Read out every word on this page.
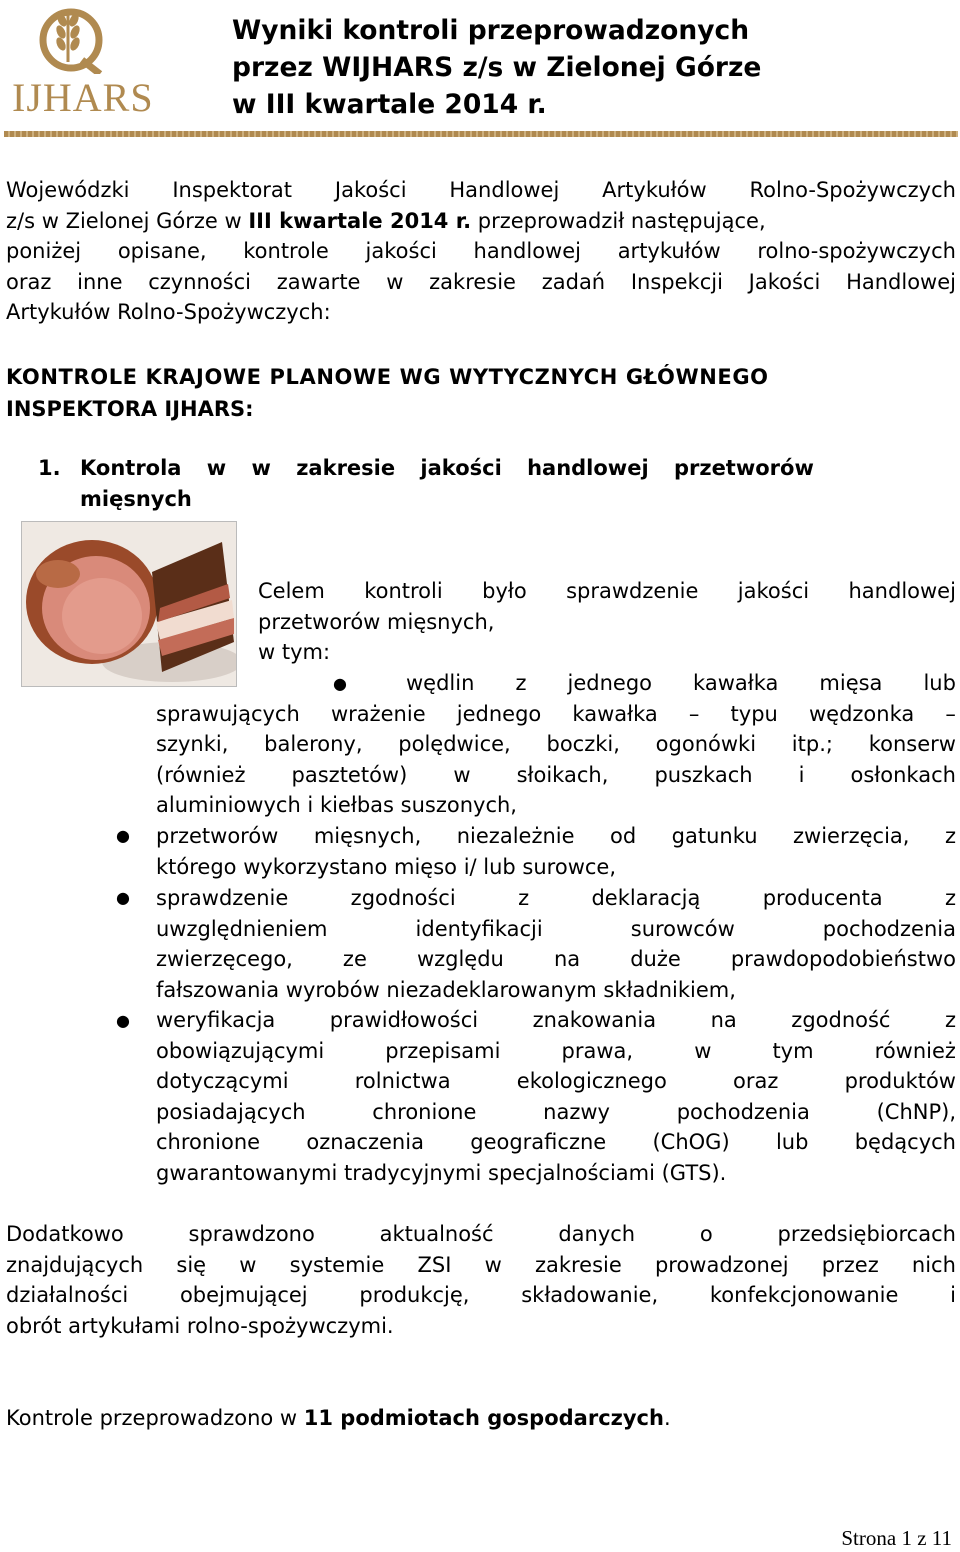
IJHARS
Wyniki kontroli przeprowadzonych
przez WIJHARS z/s w Zielonej Górze
w III kwartale 2014 r.
Wojewódzki Inspektorat Jakości Handlowej Artykułów Rolno-Spożywczych
z/s w Zielonej Górze w III kwartale 2014 r. przeprowadził następujące,
poniżej opisane, kontrole jakości handlowej artykułów rolno-spożywczych
oraz inne czynności zawarte w zakresie zadań Inspekcji Jakości Handlowej
Artykułów Rolno-Spożywczych:
KONTROLE KRAJOWE PLANOWE WG WYTYCZNYCH GŁÓWNEGO
INSPEKTORA IJHARS:
1. Kontrola w w zakresie jakości handlowej przetworów
mięsnych
Celem kontroli było sprawdzenie jakości handlowej
przetworów mięsnych,
w tym:
●	wędlin z jednego kawałka mięsa lub
sprawujących wrażenie jednego kawałka – typu wędzonka –
szynki, balerony, polędwice, boczki, ogonówki itp.; konserw
(również pasztetów) w słoikach, puszkach i osłonkach
aluminiowych i kiełbas suszonych,
● przetworów mięsnych, niezależnie od gatunku zwierzęcia, z
którego wykorzystano mięso i/ lub surowce,
● sprawdzenie	zgodności	z	deklaracją	producenta	z
uwzględnieniem	identyfikacji	surowców	pochodzenia
zwierzęcego, ze względu na duże prawdopodobieństwo
fałszowania wyrobów niezadeklarowanym składnikiem,
● weryfikacja	prawidłowości	znakowania	na	zgodność	z
obowiązującymi	przepisami	prawa,	w	tym	również
dotyczącymi	rolnictwa	ekologicznego	oraz	produktów
posiadających	chronione	nazwy	pochodzenia	(ChNP),
chronione oznaczenia geograficzne (ChOG) lub będących
gwarantowanymi tradycyjnymi specjalnościami (GTS).
Dodatkowo	sprawdzono	aktualność	danych	o	przedsiębiorcach
znajdujących się w systemie ZSI w zakresie prowadzonej przez nich
działalności obejmującej produkcję, składowanie, konfekcjonowanie i
obrót artykułami rolno-spożywczymi.
Kontrole przeprowadzono w 11 podmiotach gospodarczych .
Strona 1 z 11
